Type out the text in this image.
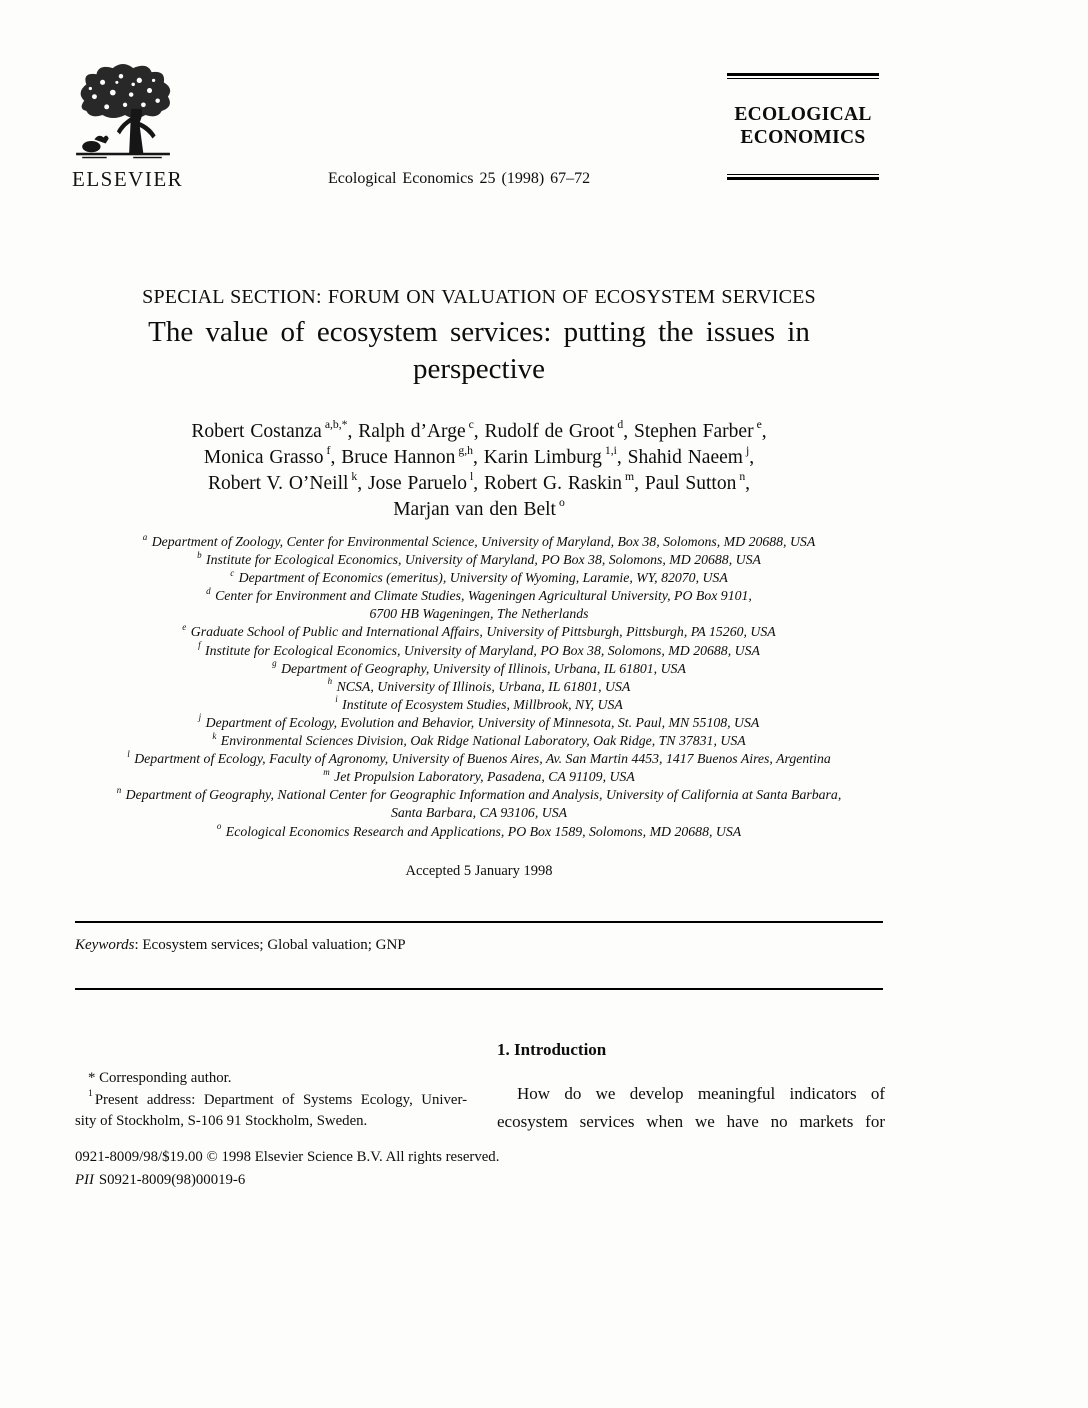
ELSEVIER	Ecological Economics 25 (1998) 67–72
ECOLOGICAL
ECONOMICS
SPECIAL SECTION: FORUM ON VALUATION OF ECOSYSTEM SERVICES
The value of ecosystem services: putting the issues in
perspective
Robert Costanza $^{a,b,*}$, Ralph d’Arge $^c$, Rudolf de Groot $^d$, Stephen Farber $^e$,
Monica Grasso $^f$, Bruce Hannon $^{g,h}$, Karin Limburg $^{1,i}$, Shahid Naeem $^j$,
Robert V. O’Neill $^k$, Jose Paruelo $^l$, Robert G. Raskin $^m$, Paul Sutton $^n$,
Marjan van den Belt $^o$
$^a$ Department of Zoology, Center for Environmental Science, University of Maryland, Box 38, Solomons, MD 20688, USA
$^b$ Institute for Ecological Economics, University of Maryland, PO Box 38, Solomons, MD 20688, USA
$^c$ Department of Economics (emeritus), University of Wyoming, Laramie, WY, 82070, USA
$^d$ Center for Environment and Climate Studies, Wageningen Agricultural University, PO Box 9101,
6700 HB Wageningen, The Netherlands
$^e$ Graduate School of Public and International Affairs, University of Pittsburgh, Pittsburgh, PA 15260, USA
$^f$ Institute for Ecological Economics, University of Maryland, PO Box 38, Solomons, MD 20688, USA
$^g$ Department of Geography, University of Illinois, Urbana, IL 61801, USA
$^h$ NCSA, University of Illinois, Urbana, IL 61801, USA
$^i$ Institute of Ecosystem Studies, Millbrook, NY, USA
$^j$ Department of Ecology, Evolution and Behavior, University of Minnesota, St. Paul, MN 55108, USA
$^k$ Environmental Sciences Division, Oak Ridge National Laboratory, Oak Ridge, TN 37831, USA
$^l$ Department of Ecology, Faculty of Agronomy, University of Buenos Aires, Av. San Martin 4453, 1417 Buenos Aires, Argentina
$^m$ Jet Propulsion Laboratory, Pasadena, CA 91109, USA
$^n$ Department of Geography, National Center for Geographic Information and Analysis, University of California at Santa Barbara,
Santa Barbara, CA 93106, USA
$^o$ Ecological Economics Research and Applications, PO Box 1589, Solomons, MD 20688, USA
Accepted 5 January 1998
Keywords: Ecosystem services; Global valuation; GNP
* Corresponding author.
$^1$ Present address: Department of Systems Ecology, Univer-
sity of Stockholm, S-106 91 Stockholm, Sweden.
1. Introduction
How do we develop meaningful indicators of
ecosystem services when we have no markets for
0921-8009/98/$19.00 © 1998 Elsevier Science B.V. All rights reserved.
PII S0921-8009(98)00019-6
